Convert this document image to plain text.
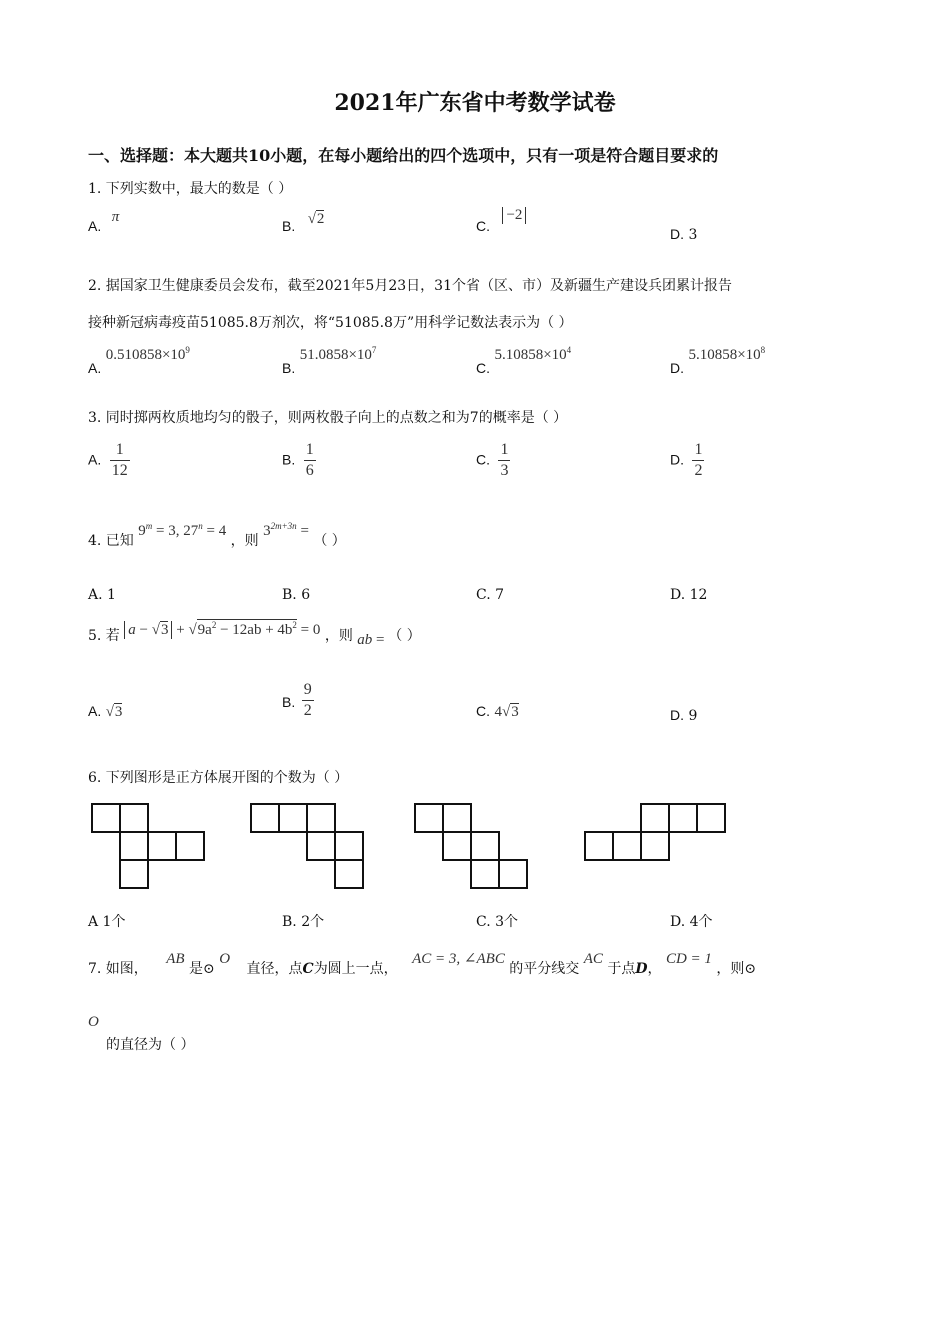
2021年广东省中考数学试卷
一、选择题：本大题共10小题，在每小题给出的四个选项中，只有一项是符合题目要求的
1. 下列实数中，最大的数是（ ）
A. π
B. √2	C. −2
D. 3
2. 据国家卫生健康委员会发布，截至2021年5月23日，31个省（区、市）及新疆生产建设兵团累计报告
接种新冠病毒疫苗51085.8万剂次，将“51085.8万”用科学记数法表示为（ ）
A. $0.510858\times 10^9$
B. $51.0858\times 10^7$
C. $5.10858\times 10^4$
D. $5.10858\times 10^8$
3. 同时掷两枚质地均匀的骰子，则两枚骰子向上的点数之和为7的概率是（ ）
A. $\frac{1}{12}$	B. $\frac{1}{6}$	C. $\frac{1}{3}$	D. $\frac{1}{2}$
4. 已知 $9^m = 3$, $27^n = 4$ ，则 $3^{2m+3n}$ = （ ）
A. 1	B. 6	C. 7	D. 12
5. 若 $a - √3 + √9a^2 - 12ab + 4b^2 = 0$ ，则 ab = （ ）
A. √3
B. $\frac{9}{2}$	C. 4√3	D. 9
6. 下列图形是正方体展开图的个数为（ ）
A 1个	B. 2个	C. 3个	D. 4个
7. 如图， AB 是⊙ O 直径，点C为圆上一点， AC = 3, ∠ABC 的平分线交 AC 于点D， CD = 1 ，则⊙
O
的直径为（ ）
